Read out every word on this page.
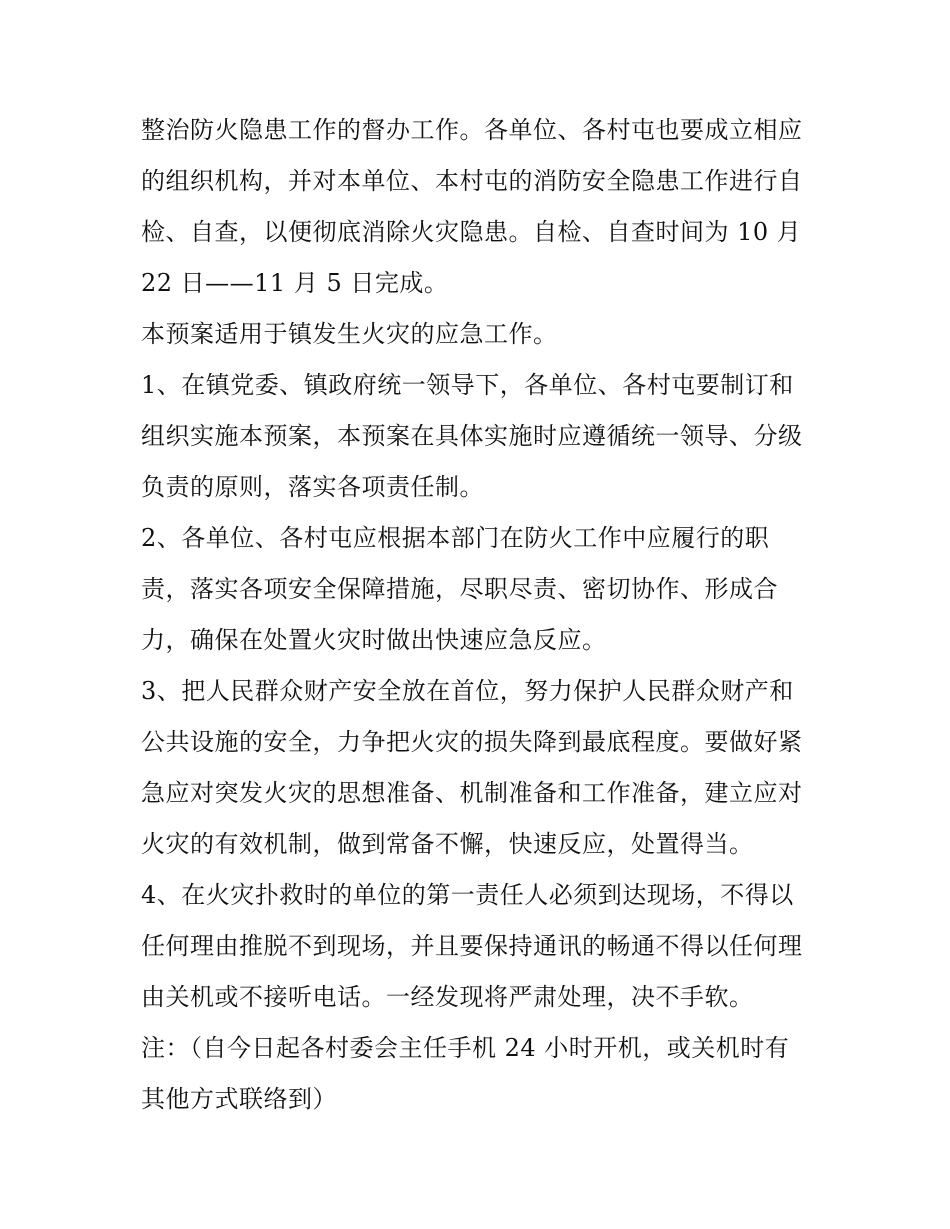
整治防火隐患工作的督办工作。各单位、各村屯也要成立相应
的组织机构，并对本单位、本村屯的消防安全隐患工作进行自
检、自查，以便彻底消除火灾隐患。自检、自查时间为 10 月
22 日——11 月 5 日完成。
本预案适用于镇发生火灾的应急工作。
1、在镇党委、镇政府统一领导下，各单位、各村屯要制订和
组织实施本预案，本预案在具体实施时应遵循统一领导、分级
负责的原则，落实各项责任制。
2、各单位、各村屯应根据本部门在防火工作中应履行的职
责，落实各项安全保障措施，尽职尽责、密切协作、形成合
力，确保在处置火灾时做出快速应急反应。
3、把人民群众财产安全放在首位，努力保护人民群众财产和
公共设施的安全，力争把火灾的损失降到最底程度。要做好紧
急应对突发火灾的思想准备、机制准备和工作准备，建立应对
火灾的有效机制，做到常备不懈，快速反应，处置得当。
4、在火灾扑救时的单位的第一责任人必须到达现场，不得以
任何理由推脱不到现场，并且要保持通讯的畅通不得以任何理
由关机或不接听电话。一经发现将严肃处理，决不手软。
注：（自今日起各村委会主任手机 24 小时开机，或关机时有
其他方式联络到）
